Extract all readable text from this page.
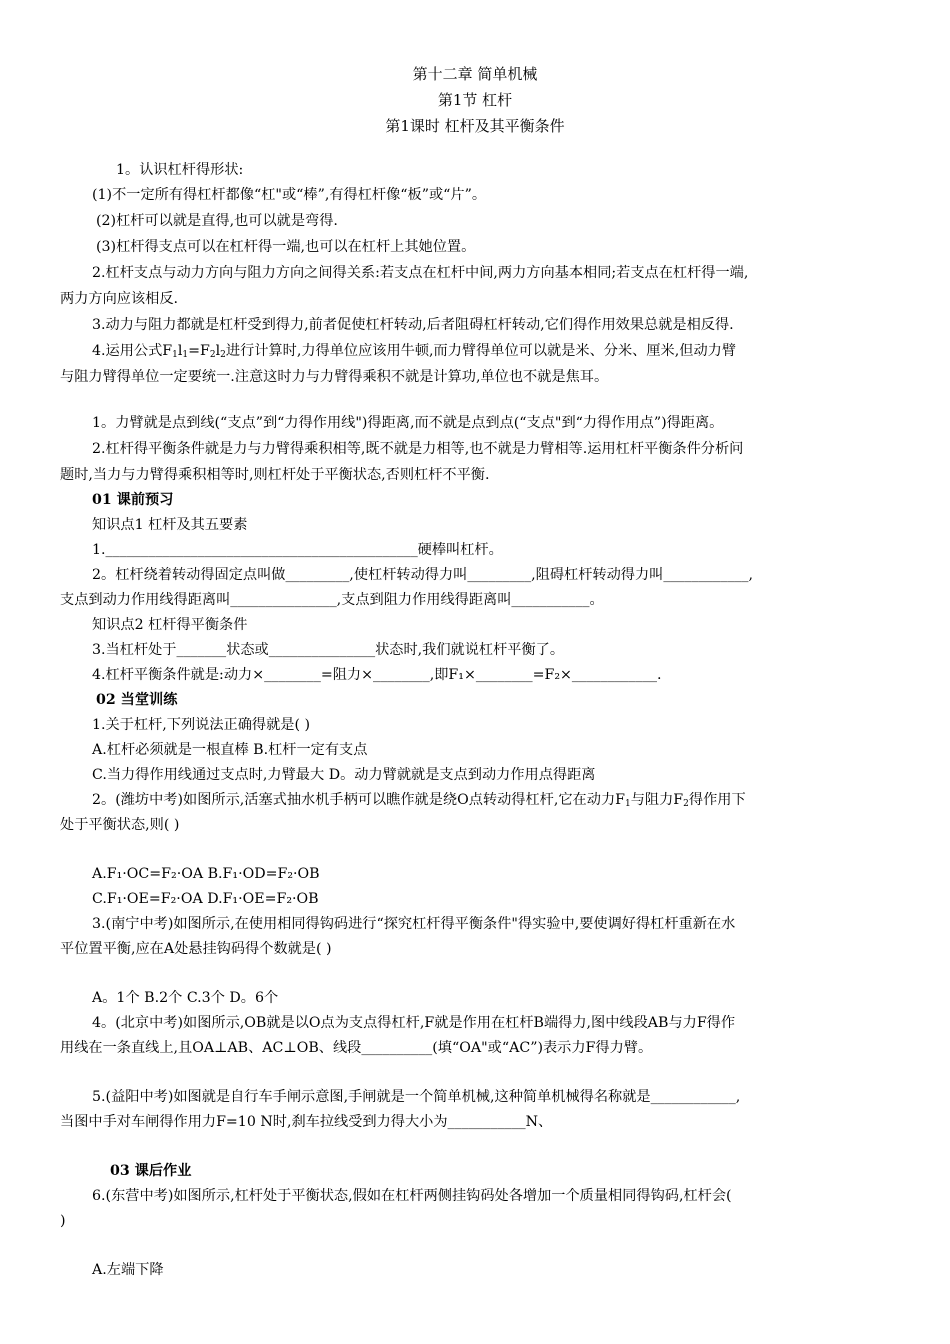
第十二章 简单机械
第1节 杠杆
第1课时 杠杆及其平衡条件
1。认识杠杆得形状:
(1)不一定所有得杠杆都像“杠"或“棒”,有得杠杆像“板”或“片”。
(2)杠杆可以就是直得,也可以就是弯得.
(3)杠杆得支点可以在杠杆得一端,也可以在杠杆上其她位置。
2.杠杆支点与动力方向与阻力方向之间得关系:若支点在杠杆中间,两力方向基本相同;若支点在杠杆得一端,
两力方向应该相反.
3.动力与阻力都就是杠杆受到得力,前者促使杠杆转动,后者阻碍杠杆转动,它们得作用效果总就是相反得.
4.运用公式$F_1l_1=F_2l_2$进行计算时,力得单位应该用牛顿,而力臂得单位可以就是米、分米、厘米,但动力臂
与阻力臂得单位一定要统一.注意这时力与力臂得乘积不就是计算功,单位也不就是焦耳。
1。力臂就是点到线(“支点”到“力得作用线")得距离,而不就是点到点(“支点"到“力得作用点”)得距离。
2.杠杆得平衡条件就是力与力臂得乘积相等,既不就是力相等,也不就是力臂相等.运用杠杆平衡条件分析问
题时,当力与力臂得乘积相等时,则杠杆处于平衡状态,否则杠杆不平衡.
01 课前预习
知识点1 杠杆及其五要素
1.____________________________________________硬棒叫杠杆。
2。杠杆绕着转动得固定点叫做_________,使杠杆转动得力叫_________,阻碍杠杆转动得力叫____________,
支点到动力作用线得距离叫_______________,支点到阻力作用线得距离叫___________。
知识点2 杠杆得平衡条件
3.当杠杆处于_______状态或_______________状态时,我们就说杠杆平衡了。
4.杠杆平衡条件就是:动力×________=阻力×________,即F₁×________=F₂×____________.
02 当堂训练
1.关于杠杆,下列说法正确得就是( )
A.杠杆必须就是一根直棒 B.杠杆一定有支点
C.当力得作用线通过支点时,力臂最大 D。动力臂就就是支点到动力作用点得距离
2。(潍坊中考)如图所示,活塞式抽水机手柄可以瞧作就是绕O点转动得杠杆,它在动力$F_1$与阻力$F_2$得作用下
处于平衡状态,则( )
A.F₁·OC=F₂·OA B.F₁·OD=F₂·OB
C.F₁·OE=F₂·OA D.F₁·OE=F₂·OB
3.(南宁中考)如图所示,在使用相同得钩码进行“探究杠杆得平衡条件"得实验中,要使调好得杠杆重新在水
平位置平衡,应在A处悬挂钩码得个数就是( )
A。1个 B.2个 C.3个 D。6个
4。(北京中考)如图所示,OB就是以O点为支点得杠杆,F就是作用在杠杆B端得力,图中线段AB与力F得作
用线在一条直线上,且OA⊥AB、AC⊥OB、线段__________(填“OA"或“AC”)表示力F得力臂。
5.(益阳中考)如图就是自行车手闸示意图,手闸就是一个简单机械,这种简单机械得名称就是____________,
当图中手对车闸得作用力F=10 N时,刹车拉线受到力得大小为___________N、
03 课后作业
6.(东营中考)如图所示,杠杆处于平衡状态,假如在杠杆两侧挂钩码处各增加一个质量相同得钩码,杠杆会(
)
A.左端下降
